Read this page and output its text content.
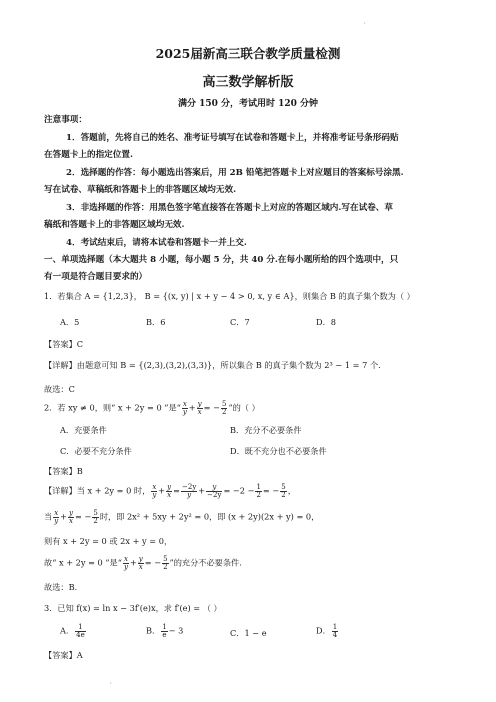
'
2025届新高三联合教学质量检测
高三数学解析版
满分 150 分，考试用时 120 分钟
注意事项：
1．答题前，先将自己的姓名、准考证号填写在试卷和答题卡上，并将准考证号条形码贴
在答题卡上的指定位置.
2．选择题的作答：每小题选出答案后，用 2B 铅笔把答题卡上对应题目的答案标号涂黑.
写在试卷、草稿纸和答题卡上的非答题区域均无效.
3．非选择题的作答：用黑色签字笔直接答在答题卡上对应的答题区域内.写在试卷、草
稿纸和答题卡上的非答题区域均无效.
4．考试结束后，请将本试卷和答题卡一并上交.
一、单项选择题（本大题共 8 小题，每小题 5 分，共 40 分.在每小题所给的四个选项中，只
有一项是符合题目要求的）
1．若集合 A = {1,2,3}， B = {(x, y) | x + y − 4 > 0, x, y ∈ A}，则集合 B 的真子集个数为（ ）
A．5	B．6	C．7	D．8
【答案】C
【详解】由题意可知 B = {(2,3),(3,2),(3,3)}，所以集合 B 的真子集个数为 2³ − 1 = 7 个.
故选：C
2．若 xy ≠ 0，则“ x + 2y = 0 ”是“ $\frac{x}{y} + \frac{y}{x}$ = − $\frac{5}{2}$ ”的（ ）
A．充要条件	B．充分不必要条件
C．必要不充分条件	D．既不充分也不必要条件
【答案】B
【详解】当 x + 2y = 0 时， $\frac{x}{y} + \frac{y}{x} = \frac{-2y}{y} + \frac{y}{-2y} = -2 - \frac{1}{2}$ = − $\frac{5}{2}$ ，
当 $\frac{x}{y} + \frac{y}{x}$ = − $\frac{5}{2}$ 时，即 2x² + 5xy + 2y² = 0，即 (x + 2y)(2x + y) = 0，
则有 x + 2y = 0 或 2x + y = 0，
故“ x + 2y = 0 ”是“ $\frac{x}{y} + \frac{y}{x}$ = − $\frac{5}{2}$ ”的充分不必要条件.
故选：B.
3．已知 f(x) = ln x − 3f′(e)x，求 f′(e) = （ ）
A． $\frac{1}{4e}$	B． $\frac{1}{e} - 3$	C．1 − e	D． $\frac{1}{4}$
【答案】A
'
